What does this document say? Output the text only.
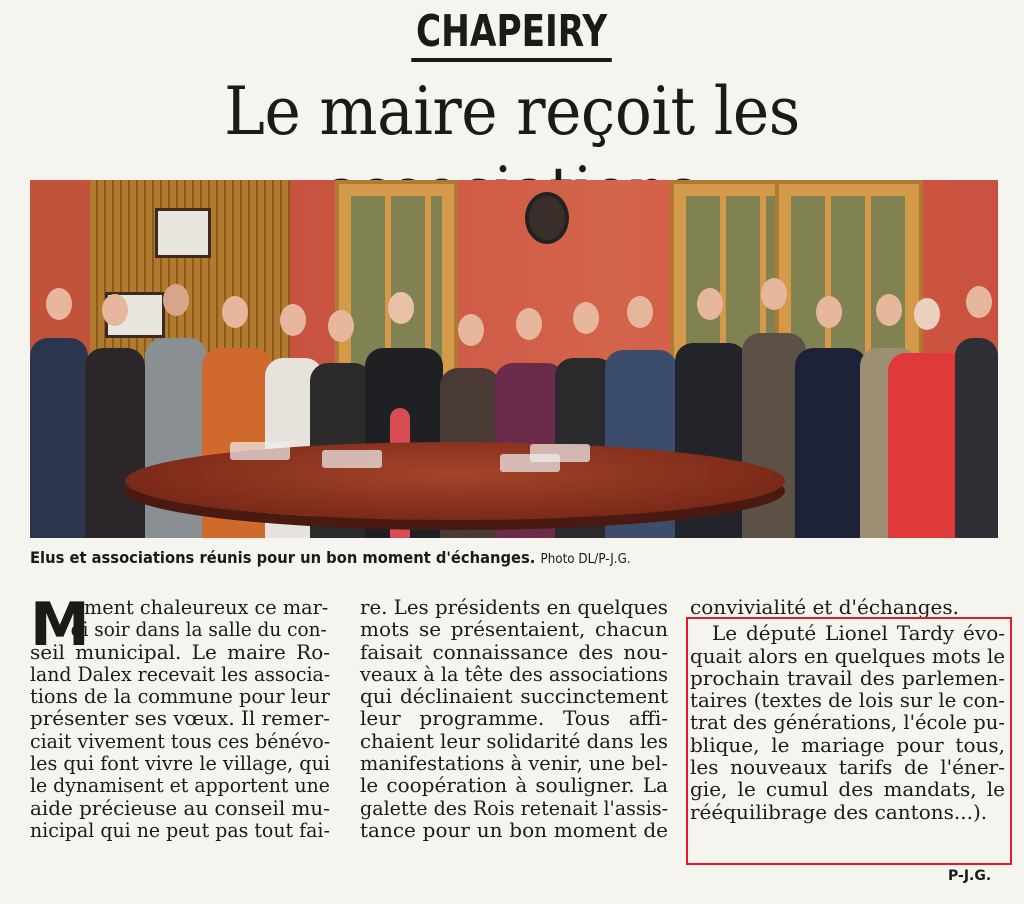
CHAPEIRY
Le maire reçoit les
Elus et associations réunis pour un bon moment d'échanges. Photo DL/P-J.G.
M
oment chaleureux ce mar-
di soir dans la salle du con-
seil municipal. Le maire Ro-
land Dalex recevait les associa-
tions de la commune pour leur
présenter ses vœux. Il remer-
ciait vivement tous ces bénévo-
les qui font vivre le village, qui
le dynamisent et apportent une
aide précieuse au conseil mu-
nicipal qui ne peut pas tout fai-
re. Les présidents en quelques
mots se présentaient, chacun
faisait connaissance des nou-
veaux à la tête des associations
qui déclinaient succinctement
leur programme. Tous affi-
chaient leur solidarité dans les
manifestations à venir, une bel-
le coopération à souligner. La
galette des Rois retenait l'assis-
tance pour un bon moment de
convivialité et d'échanges.
Le député Lionel Tardy évo-
quait alors en quelques mots le
prochain travail des parlemen-
taires (textes de lois sur le con-
trat des générations, l'école pu-
blique, le mariage pour tous,
les nouveaux tarifs de l'éner-
gie, le cumul des mandats, le
rééquilibrage des cantons...).
P-J.G.
